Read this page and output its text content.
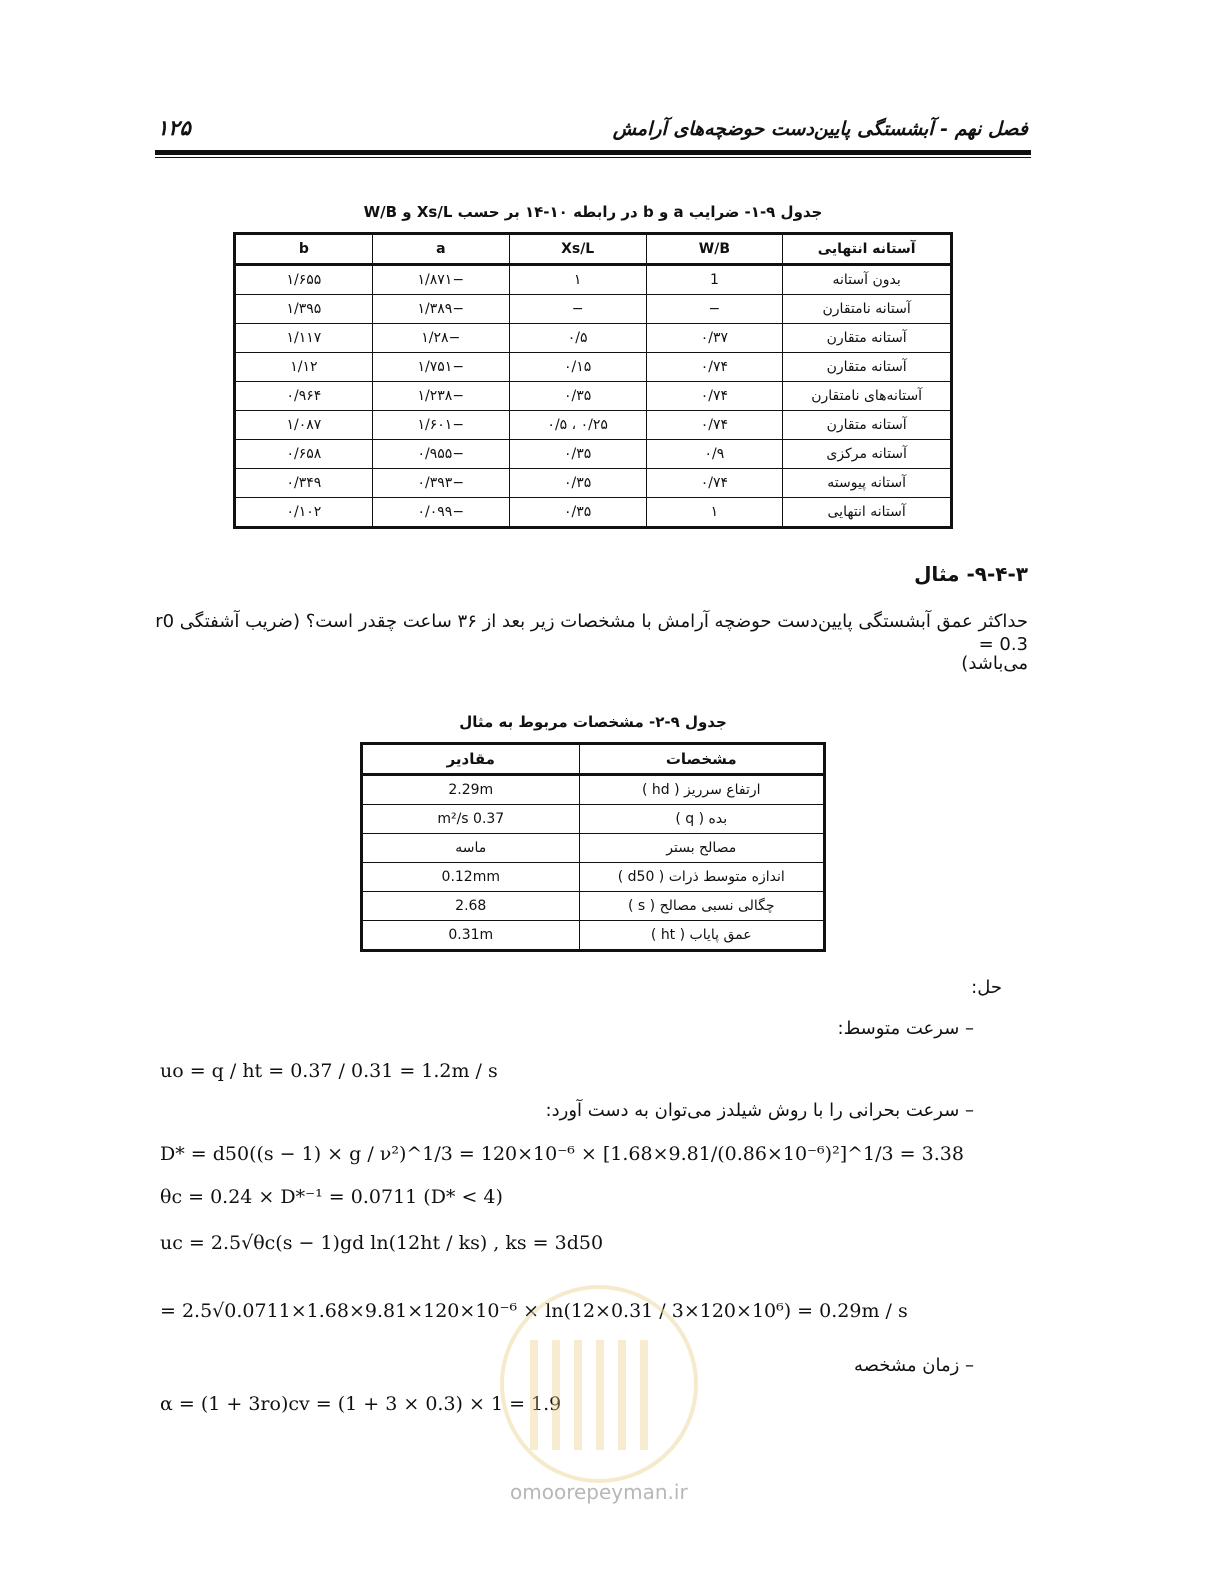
فصل نهم - آبشستگی پایین‌دست حوضچه‌های آرامش
۱۲۵
جدول ۹-۱- ضرایب a و b در رابطه ۱۰-۱۴ بر حسب Xs/L و W/B
آستانه انتهایی	W/B	Xs/L	a	b
بدون آستانه	1	۱	−۱/۸۷۱	۱/۶۵۵
آستانه نامتقارن	−	−	−۱/۳۸۹	۱/۳۹۵
آستانه متقارن	۰/۳۷	۰/۵	−۱/۲۸	۱/۱۱۷
آستانه متقارن	۰/۷۴	۰/۱۵	−۱/۷۵۱	۱/۱۲
آستانه‌های نامتقارن	۰/۷۴	۰/۳۵	−۱/۲۳۸	۰/۹۶۴
آستانه متقارن	۰/۷۴	۰/۲۵ ، ۰/۵	−۱/۶۰۱	۱/۰۸۷
آستانه مرکزی	۰/۹	۰/۳۵	−۰/۹۵۵	۰/۶۵۸
آستانه پیوسته	۰/۷۴	۰/۳۵	−۰/۳۹۳	۰/۳۴۹
آستانه انتهایی	۱	۰/۳۵	−۰/۰۹۹	۰/۱۰۲
۹-۴-۳- مثال
حداکثر عمق آبشستگی پایین‌دست حوضچه آرامش با مشخصات زیر بعد از ۳۶ ساعت چقدر است؟ (ضریب آشفتگی r0 = 0.3
می‌باشد)
جدول ۹-۲- مشخصات مربوط به مثال
مشخصات	مقادیر
ارتفاع سرریز ( hd )	2.29m
بده ( q )	0.37 m²/s
مصالح بستر	ماسه
اندازه متوسط ذرات ( d50 )	0.12mm
چگالی نسبی مصالح ( s )	2.68
عمق پایاب ( ht )	0.31m
حل:
– سرعت متوسط:
uo = q / ht = 0.37 / 0.31 = 1.2m / s
– سرعت بحرانی را با روش شیلدز می‌توان به دست آورد:
D* = d50((s − 1) × g / ν²)^1/3 = 120×10⁻⁶ × [1.68×9.81/(0.86×10⁻⁶)²]^1/3 = 3.38
θc = 0.24 × D*⁻¹ = 0.0711 (D* < 4)
uc = 2.5√θc(s − 1)gd ln(12ht / ks) , ks = 3d50
= 2.5√0.0711×1.68×9.81×120×10⁻⁶ × ln(12×0.31 / 3×120×10⁶) = 0.29m / s
– زمان مشخصه
α = (1 + 3ro)cv = (1 + 3 × 0.3) × 1 = 1.9
omoorepeyman.ir
